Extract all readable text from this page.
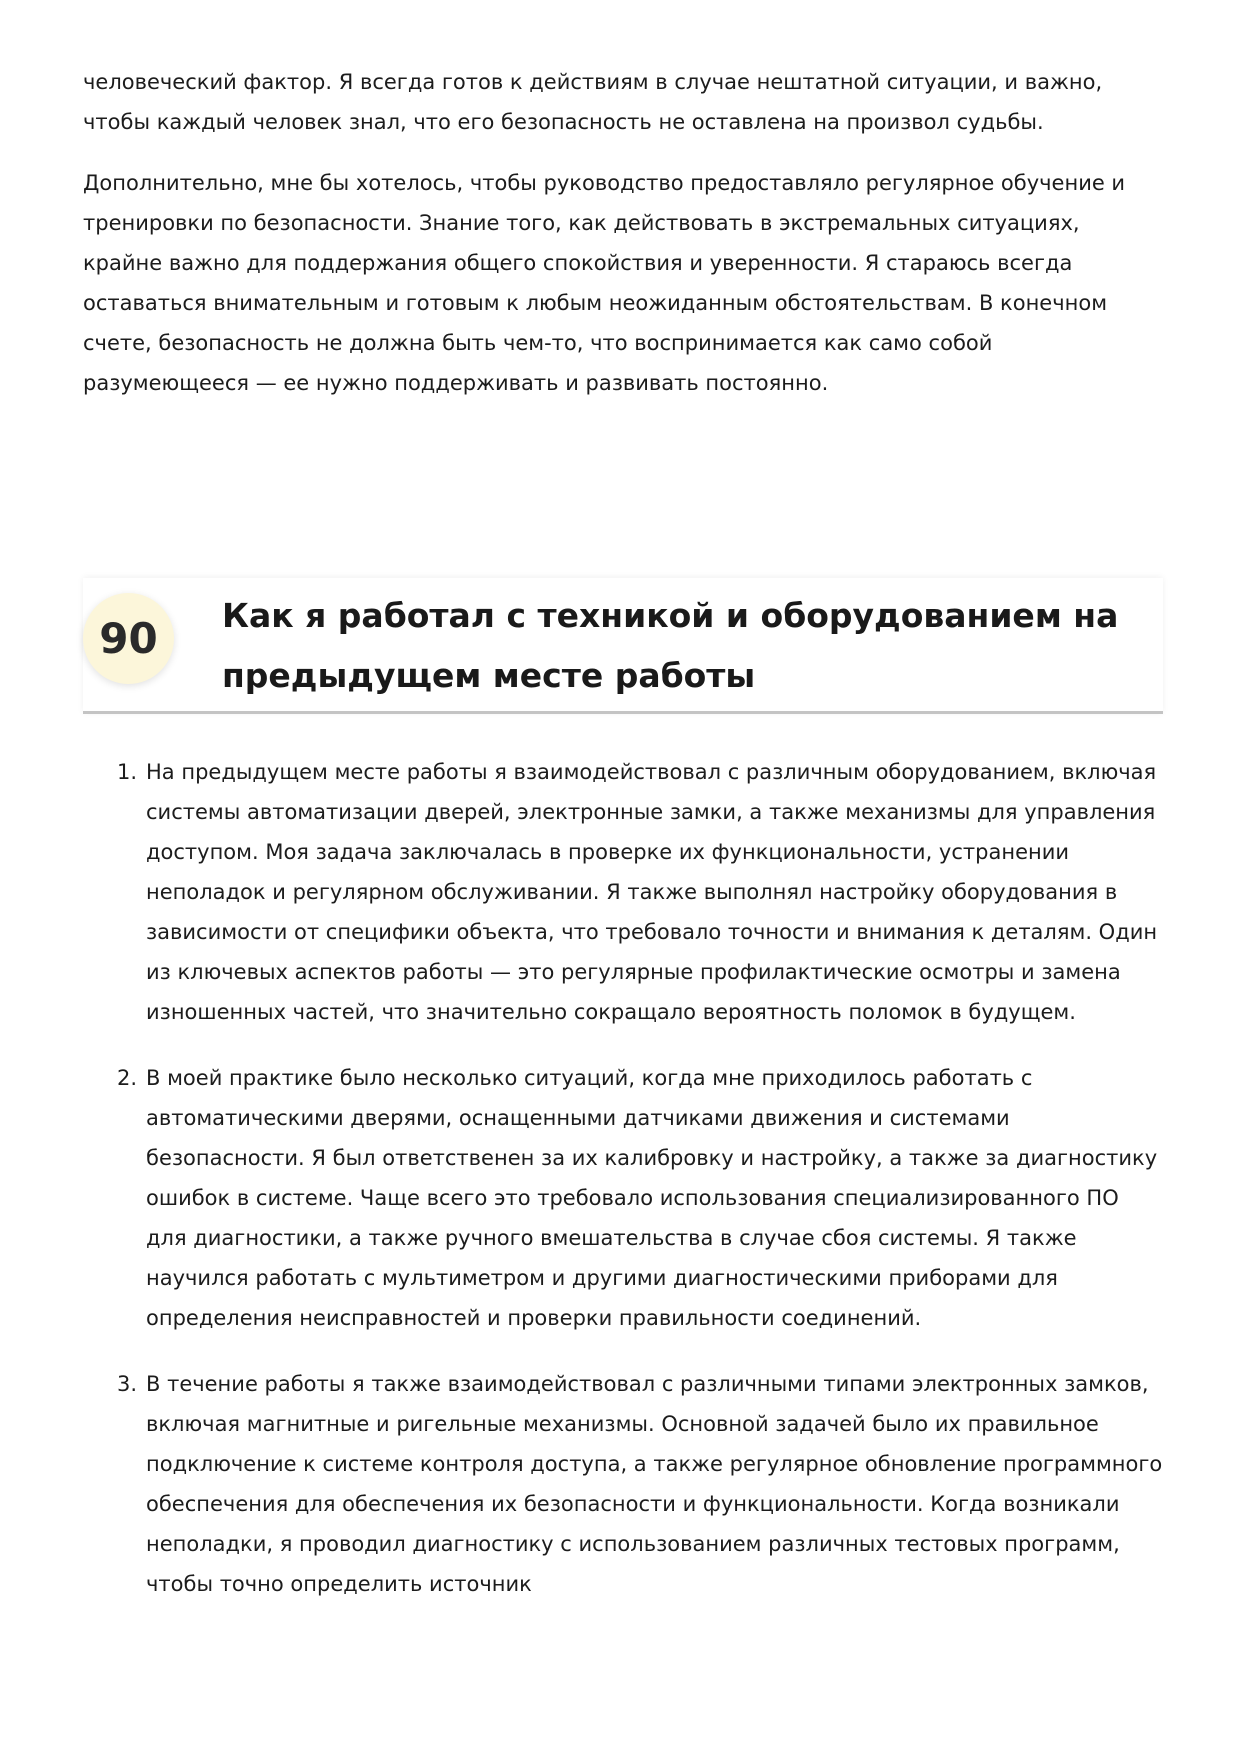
человеческий фактор. Я всегда готов к действиям в случае нештатной ситуации, и важно, чтобы каждый человек знал, что его безопасность не оставлена на произвол судьбы.

Дополнительно, мне бы хотелось, чтобы руководство предоставляло регулярное обучение и тренировки по безопасности. Знание того, как действовать в экстремальных ситуациях, крайне важно для поддержания общего спокойствия и уверенности. Я стараюсь всегда оставаться внимательным и готовым к любым неожиданным обстоятельствам. В конечном счете, безопасность не должна быть чем-то, что воспринимается как само собой разумеющееся — ее нужно поддерживать и развивать постоянно.

90 Как я работал с техникой и оборудованием на предыдущем месте работы
1. На предыдущем месте работы я взаимодействовал с различным оборудованием, включая системы автоматизации дверей, электронные замки, а также механизмы для управления доступом. Моя задача заключалась в проверке их функциональности, устранении неполадок и регулярном обслуживании. Я также выполнял настройку оборудования в зависимости от специфики объекта, что требовало точности и внимания к деталям. Один из ключевых аспектов работы — это регулярные профилактические осмотры и замена изношенных частей, что значительно сокращало вероятность поломок в будущем.
2. В моей практике было несколько ситуаций, когда мне приходилось работать с автоматическими дверями, оснащенными датчиками движения и системами безопасности. Я был ответственен за их калибровку и настройку, а также за диагностику ошибок в системе. Чаще всего это требовало использования специализированного ПО для диагностики, а также ручного вмешательства в случае сбоя системы. Я также научился работать с мультиметром и другими диагностическими приборами для определения неисправностей и проверки правильности соединений.
3. В течение работы я также взаимодействовал с различными типами электронных замков, включая магнитные и ригельные механизмы. Основной задачей было их правильное подключение к системе контроля доступа, а также регулярное обновление программного обеспечения для обеспечения их безопасности и функциональности. Когда возникали неполадки, я проводил диагностику с использованием различных тестовых программ, чтобы точно определить источник
